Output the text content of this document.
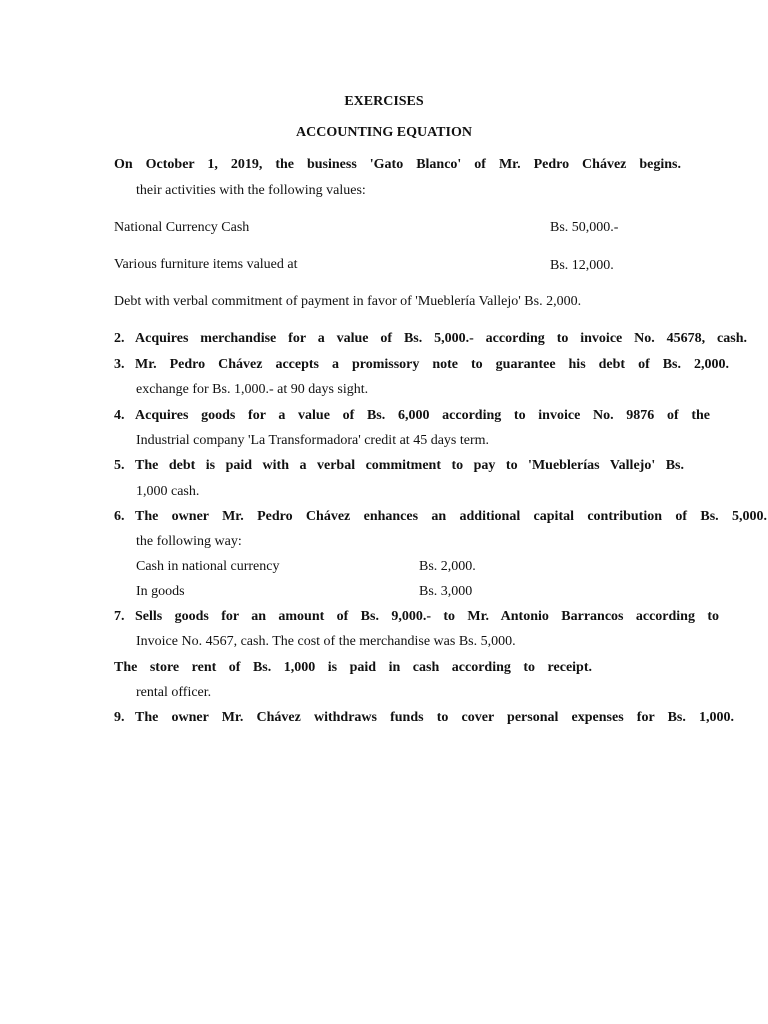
EXERCISES
ACCOUNTING EQUATION
On October 1, 2019, the business 'Gato Blanco' of Mr. Pedro Chávez begins.
their activities with the following values:
National Currency Cash	Bs. 50,000.-
Various furniture items valued at	Bs. 12,000.
Debt with verbal commitment of payment in favor of 'Mueblería Vallejo' Bs. 2,000.
2. Acquires merchandise for a value of Bs. 5,000.- according to invoice No. 45678, cash.
3. Mr. Pedro Chávez accepts a promissory note to guarantee his debt of Bs. 2,000.
exchange for Bs. 1,000.- at 90 days sight.
4. Acquires goods for a value of Bs. 6,000 according to invoice No. 9876 of the
Industrial company 'La Transformadora' credit at 45 days term.
5. The debt is paid with a verbal commitment to pay to 'Mueblerías Vallejo' Bs.
1,000 cash.
6. The owner Mr. Pedro Chávez enhances an additional capital contribution of Bs. 5,000.
the following way:
Cash in national currency	Bs. 2,000.
In goods	Bs. 3,000
7. Sells goods for an amount of Bs. 9,000.- to Mr. Antonio Barrancos according to
Invoice No. 4567, cash. The cost of the merchandise was Bs. 5,000.
The store rent of Bs. 1,000 is paid in cash according to receipt.
rental officer.
9. The owner Mr. Chávez withdraws funds to cover personal expenses for Bs. 1,000.
